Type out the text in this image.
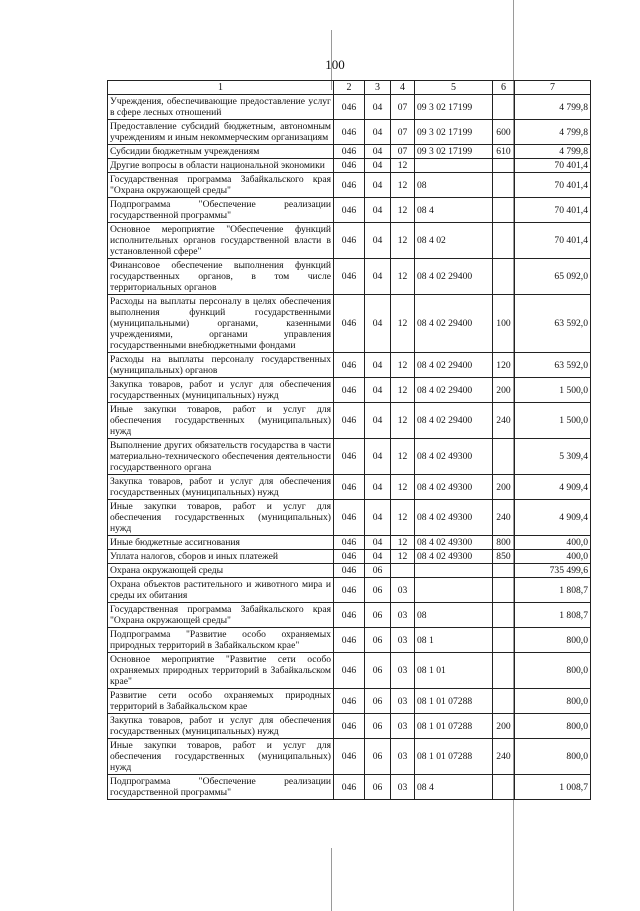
100
1	2	3	4	5	6	7
Учреждения, обеспечивающие предоставление услуг в сфере лесных отношений	046	04	07	09 3 02 17199		4 799,8
Предоставление субсидий бюджетным, автономным учреждениям и иным некоммерческим организациям	046	04	07	09 3 02 17199	600	4 799,8
Субсидии бюджетным учреждениям	046	04	07	09 3 02 17199	610	4 799,8
Другие вопросы в области национальной экономики	046	04	12			70 401,4
Государственная программа Забайкальского края "Охрана окружающей среды"	046	04	12	08		70 401,4
Подпрограмма "Обеспечение реализации государственной программы"	046	04	12	08 4		70 401,4
Основное мероприятие "Обеспечение функций исполнительных органов государственной власти в установленной сфере"	046	04	12	08 4 02		70 401,4
Финансовое обеспечение выполнения функций государственных органов, в том числе территориальных органов	046	04	12	08 4 02 29400		65 092,0
Расходы на выплаты персоналу в целях обеспечения выполнения функций государственными (муниципальными) органами, казенными учреждениями, органами управления государственными внебюджетными фондами	046	04	12	08 4 02 29400	100	63 592,0
Расходы на выплаты персоналу государственных (муниципальных) органов	046	04	12	08 4 02 29400	120	63 592,0
Закупка товаров, работ и услуг для обеспечения государственных (муниципальных) нужд	046	04	12	08 4 02 29400	200	1 500,0
Иные закупки товаров, работ и услуг для обеспечения государственных (муниципальных) нужд	046	04	12	08 4 02 29400	240	1 500,0
Выполнение других обязательств государства в части материально-технического обеспечения деятельности государственного органа	046	04	12	08 4 02 49300		5 309,4
Закупка товаров, работ и услуг для обеспечения государственных (муниципальных) нужд	046	04	12	08 4 02 49300	200	4 909,4
Иные закупки товаров, работ и услуг для обеспечения государственных (муниципальных) нужд	046	04	12	08 4 02 49300	240	4 909,4
Иные бюджетные ассигнования	046	04	12	08 4 02 49300	800	400,0
Уплата налогов, сборов и иных платежей	046	04	12	08 4 02 49300	850	400,0
Охрана окружающей среды	046	06				735 499,6
Охрана объектов растительного и животного мира и среды их обитания	046	06	03			1 808,7
Государственная программа Забайкальского края "Охрана окружающей среды"	046	06	03	08		1 808,7
Подпрограмма "Развитие особо охраняемых природных территорий в Забайкальском крае"	046	06	03	08 1		800,0
Основное мероприятие "Развитие сети особо охраняемых природных территорий в Забайкальском крае"	046	06	03	08 1 01		800,0
Развитие сети особо охраняемых природных территорий в Забайкальском крае	046	06	03	08 1 01 07288		800,0
Закупка товаров, работ и услуг для обеспечения государственных (муниципальных) нужд	046	06	03	08 1 01 07288	200	800,0
Иные закупки товаров, работ и услуг для обеспечения государственных (муниципальных) нужд	046	06	03	08 1 01 07288	240	800,0
Подпрограмма "Обеспечение реализации государственной программы"	046	06	03	08 4		1 008,7
